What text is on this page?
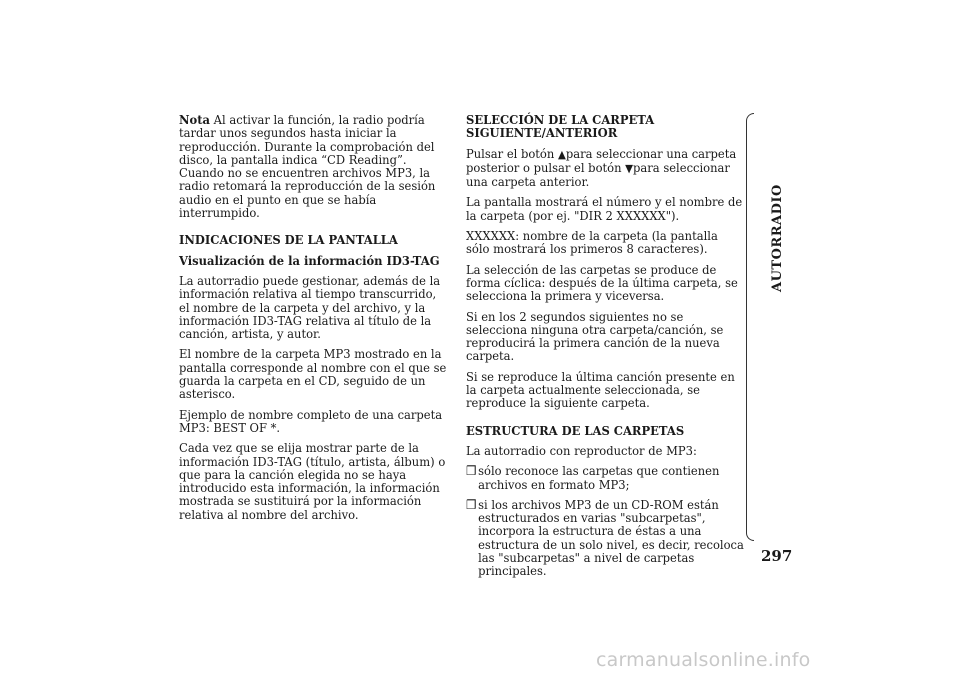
Nota Al activar la función, la radio podría tardar unos segundos hasta iniciar la reproducción. Durante la comprobación del disco, la pantalla indica “CD Reading”. Cuando no se encuentren archivos MP3, la radio retomará la reproducción de la sesión audio en el punto en que se había interrumpido.

INDICACIONES DE LA PANTALLA
Visualización de la información ID3-TAG

La autorradio puede gestionar, además de la información relativa al tiempo transcurrido, el nombre de la carpeta y del archivo, y la información ID3-TAG relativa al título de la canción, artista, y autor.

El nombre de la carpeta MP3 mostrado en la pantalla corresponde al nombre con el que se guarda la carpeta en el CD, seguido de un asterisco.

Ejemplo de nombre completo de una carpeta MP3: BEST OF *.

Cada vez que se elija mostrar parte de la información ID3-TAG (título, artista, álbum) o que para la canción elegida no se haya introducido esta información, la información mostrada se sustituirá por la información relativa al nombre del archivo.

SELECCIÓN DE LA CARPETA SIGUIENTE/ANTERIOR

Pulsar el botón ▲para seleccionar una carpeta posterior o pulsar el botón ▼para seleccionar una carpeta anterior.

La pantalla mostrará el número y el nombre de la carpeta (por ej. "DIR 2 XXXXXX").

XXXXXX: nombre de la carpeta (la pantalla sólo mostrará los primeros 8 caracteres).

La selección de las carpetas se produce de forma cíclica: después de la última carpeta, se selecciona la primera y viceversa.

Si en los 2 segundos siguientes no se selecciona ninguna otra carpeta/canción, se reproducirá la primera canción de la nueva carpeta.

Si se reproduce la última canción presente en la carpeta actualmente seleccionada, se reproduce la siguiente carpeta.

ESTRUCTURA DE LAS CARPETAS

La autorradio con reproductor de MP3:

❒ sólo reconoce las carpetas que contienen archivos en formato MP3;

❒ si los archivos MP3 de un CD-ROM están estructurados en varias "subcarpetas", incorpora la estructura de éstas a una estructura de un solo nivel, es decir, recoloca las "subcarpetas" a nivel de carpetas principales.

AUTORRADIO
297
carmanualsonline.info
